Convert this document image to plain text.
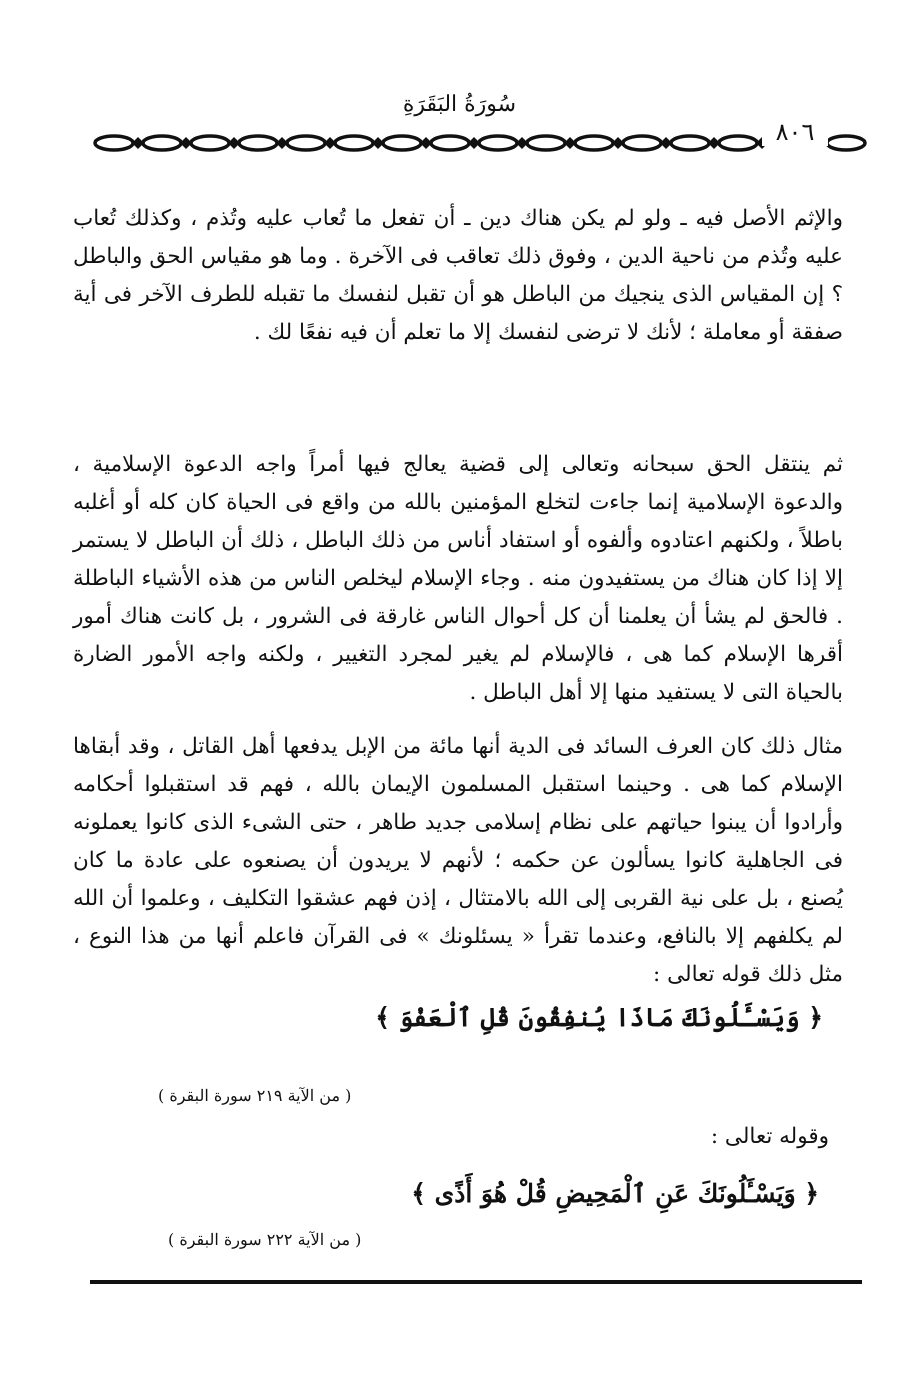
سُورَةُ البَقَرَةِ
٨٠٦

والإثم الأصل فيه ـ ولو لم يكن هناك دين ـ أن تفعل ما تُعاب عليه وتُذم ، وكذلك تُعاب عليه وتُذم من ناحية الدين ، وفوق ذلك تعاقب فى الآخرة . وما هو مقياس الحق والباطل ؟ إن المقياس الذى ينجيك من الباطل هو أن تقبل لنفسك ما تقبله للطرف الآخر فى أية صفقة أو معاملة ؛ لأنك لا ترضى لنفسك إلا ما تعلم أن فيه نفعًا لك .

ثم ينتقل الحق سبحانه وتعالى إلى قضية يعالج فيها أمراً واجه الدعوة الإسلامية ، والدعوة الإسلامية إنما جاءت لتخلع المؤمنين بالله من واقع فى الحياة كان كله أو أغلبه باطلاً ، ولكنهم اعتادوه وألفوه أو استفاد أناس من ذلك الباطل ، ذلك أن الباطل لا يستمر إلا إذا كان هناك من يستفيدون منه . وجاء الإسلام ليخلص الناس من هذه الأشياء الباطلة . فالحق لم يشأ أن يعلمنا أن كل أحوال الناس غارقة فى الشرور ، بل كانت هناك أمور أقرها الإسلام كما هى ، فالإسلام لم يغير لمجرد التغيير ، ولكنه واجه الأمور الضارة بالحياة التى لا يستفيد منها إلا أهل الباطل .

مثال ذلك كان العرف السائد فى الدية أنها مائة من الإبل يدفعها أهل القاتل ، وقد أبقاها الإسلام كما هى . وحينما استقبل المسلمون الإيمان بالله ، فهم قد استقبلوا أحكامه وأرادوا أن يبنوا حياتهم على نظام إسلامى جديد طاهر ، حتى الشىء الذى كانوا يعملونه فى الجاهلية كانوا يسألون عن حكمه ؛ لأنهم لا يريدون أن يصنعوه على عادة ما كان يُصنع ، بل على نية القربى إلى الله بالامتثال ، إذن فهم عشقوا التكليف ، وعلموا أن الله لم يكلفهم إلا بالنافع، وعندما تقرأ « يسئلونك » فى القرآن فاعلم أنها من هذا النوع ، مثل ذلك قوله تعالى :

﴿ وَيَسْـَٔلُونَكَ مَاذَا يُنفِقُونَ قُلِ ٱلْعَفْوَ ﴾
( من الآية ٢١٩ سورة البقرة )
وقوله تعالى :
﴿ وَيَسْـَٔلُونَكَ عَنِ ٱلْمَحِيضِ قُلْ هُوَ أَذًى ﴾
( من الآية ٢٢٢ سورة البقرة )
